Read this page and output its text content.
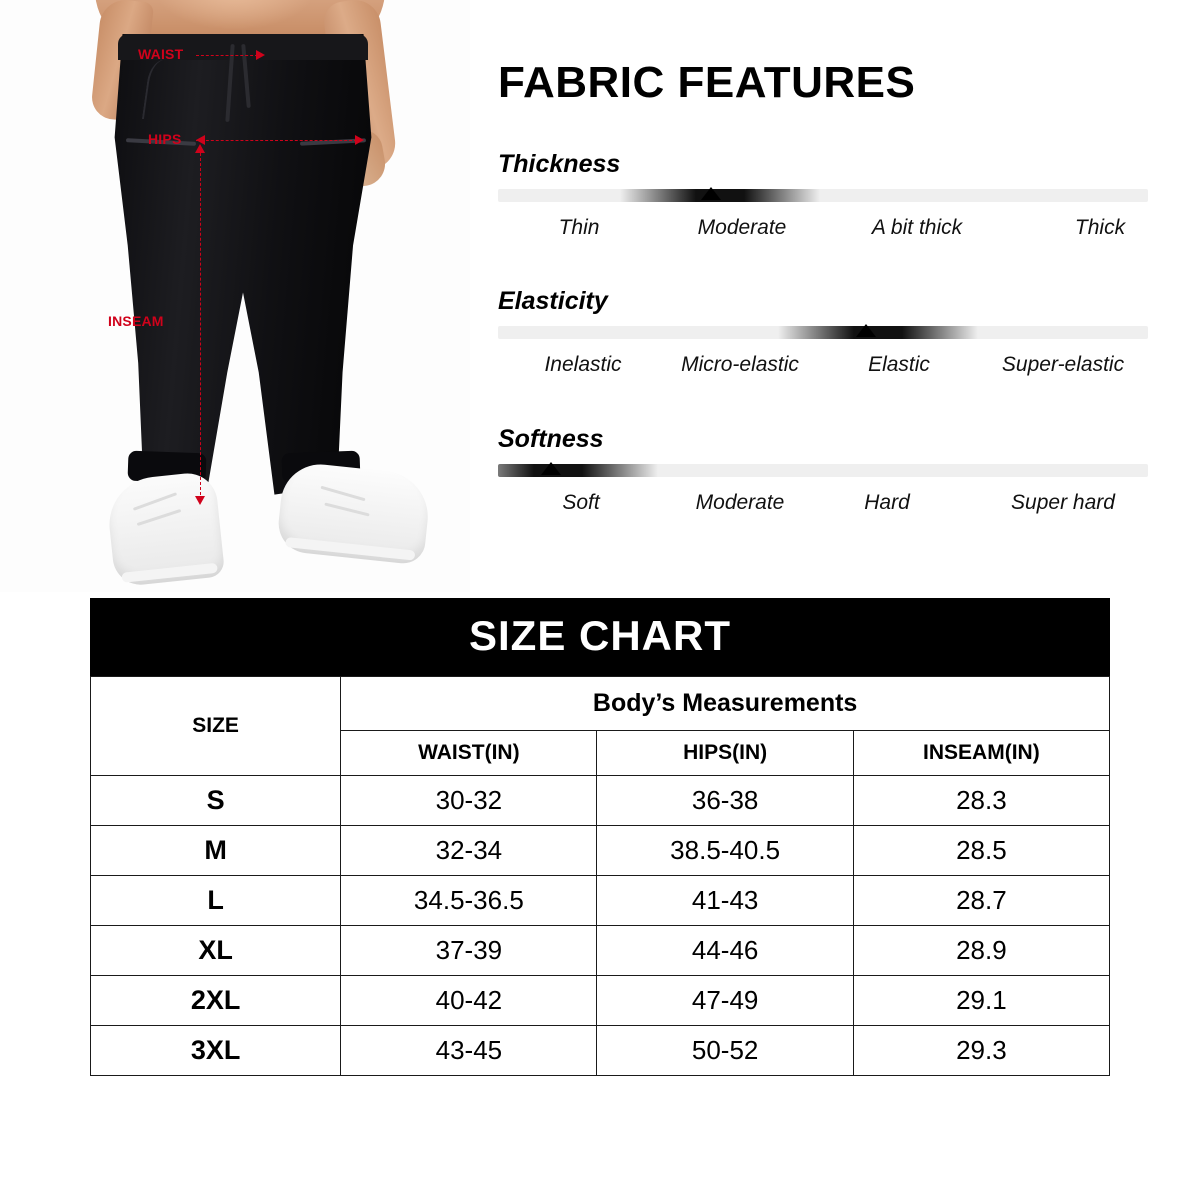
WAIST
HIPS
INSEAM
FABRIC FEATURES
Thickness
Thin	Moderate	A bit thick	Thick
Elasticity
Inelastic	Micro-elastic	Elastic	Super-elastic
Softness
Soft	Moderate	Hard	Super hard
SIZE CHART
SIZE	Body’s Measurements		
	WAIST(IN)	HIPS(IN)	INSEAM(IN)
S	30-32	36-38	28.3
M	32-34	38.5-40.5	28.5
L	34.5-36.5	41-43	28.7
XL	37-39	44-46	28.9
2XL	40-42	47-49	29.1
3XL	43-45	50-52	29.3
